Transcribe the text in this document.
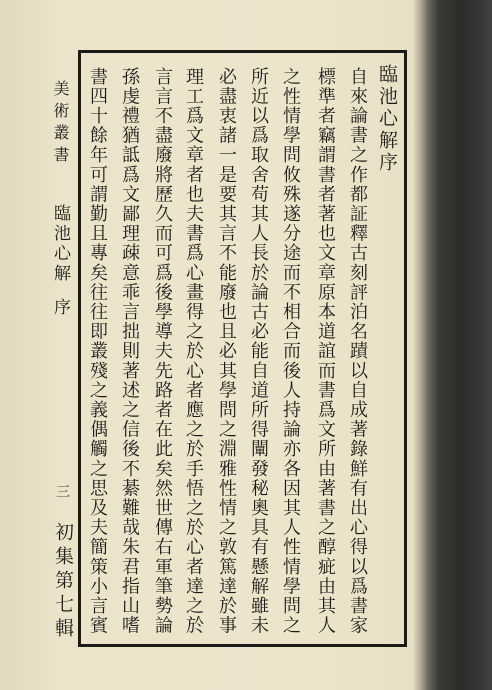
臨池心解序
自來論書之作都証釋古刻評泊名蹟以自成著錄鮮有出心得以爲書家
標準者竊謂書者著也文章原本道誼而書爲文所由著書之醇疵由其人
之性情學問攸殊遂分途而不相合而後人持論亦各因其人性情學問之
所近以爲取舍苟其人長於論古必能自道所得闡發秘奧具有懸解雖未
必盡衷諸一是要其言不能廢也且必其學問之淵雅性情之敦篤達於事
理工爲文章者也夫書爲心畫得之於心者應之於手悟之於心者達之於
言言不盡廢將歷久而可爲後學導夫先路者在此矣然世傳右軍筆勢論
孫虔禮猶詆爲文鄙理疎意乖言拙則著述之信後不綦難哉朱君指山嗜
書四十餘年可謂勤且專矣往往即叢殘之義偶觸之思及夫簡策小言賓
美術叢書
臨池心解
序
三
初集第七輯
